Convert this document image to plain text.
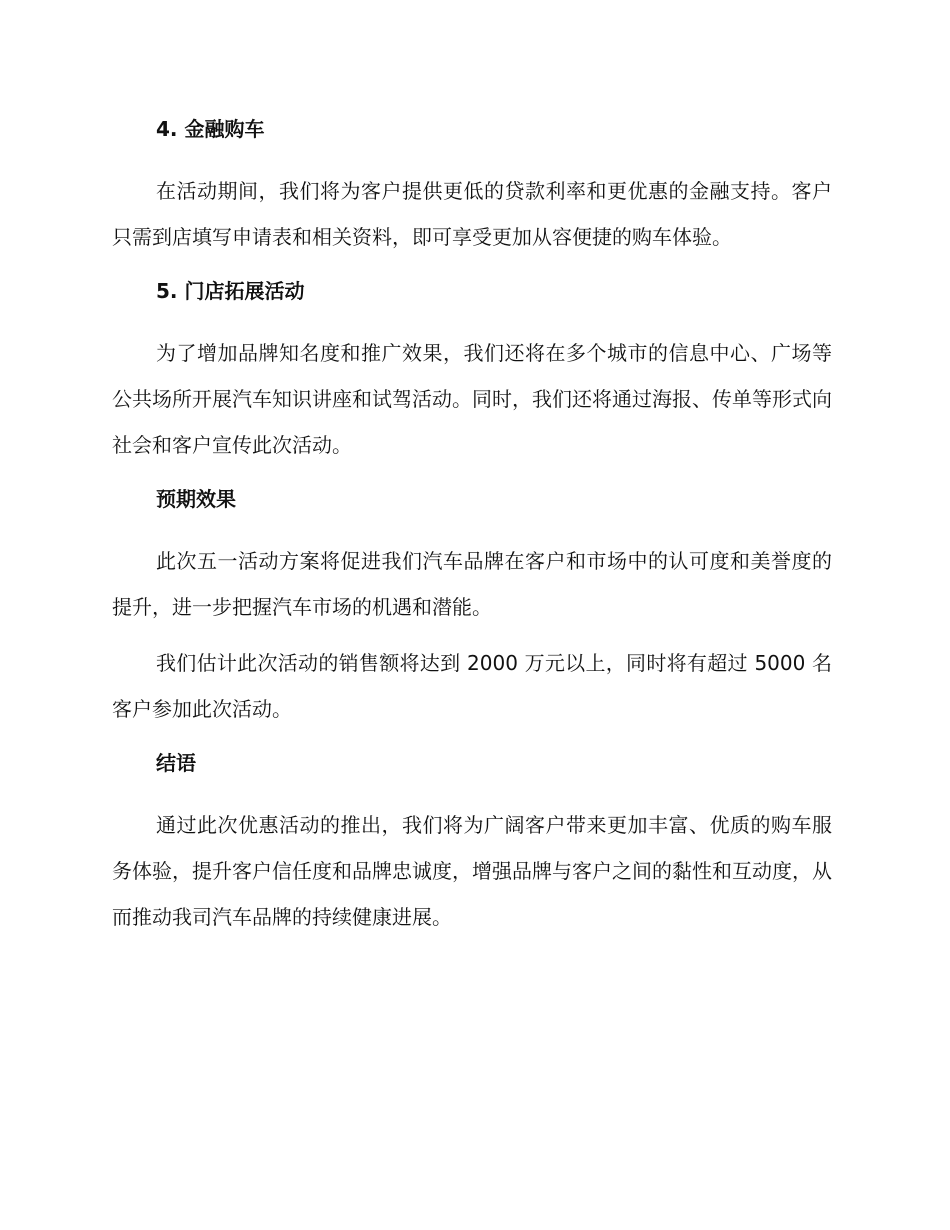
4. 金融购车

在活动期间，我们将为客户提供更低的贷款利率和更优惠的金融支持。客户只需到店填写申请表和相关资料，即可享受更加从容便捷的购车体验。

5. 门店拓展活动

为了增加品牌知名度和推广效果，我们还将在多个城市的信息中心、广场等公共场所开展汽车知识讲座和试驾活动。同时，我们还将通过海报、传单等形式向社会和客户宣传此次活动。

预期效果

此次五一活动方案将促进我们汽车品牌在客户和市场中的认可度和美誉度的提升，进一步把握汽车市场的机遇和潜能。

我们估计此次活动的销售额将达到 2000 万元以上，同时将有超过 5000 名客户参加此次活动。

结语

通过此次优惠活动的推出，我们将为广阔客户带来更加丰富、优质的购车服务体验，提升客户信任度和品牌忠诚度，增强品牌与客户之间的黏性和互动度，从而推动我司汽车品牌的持续健康进展。
